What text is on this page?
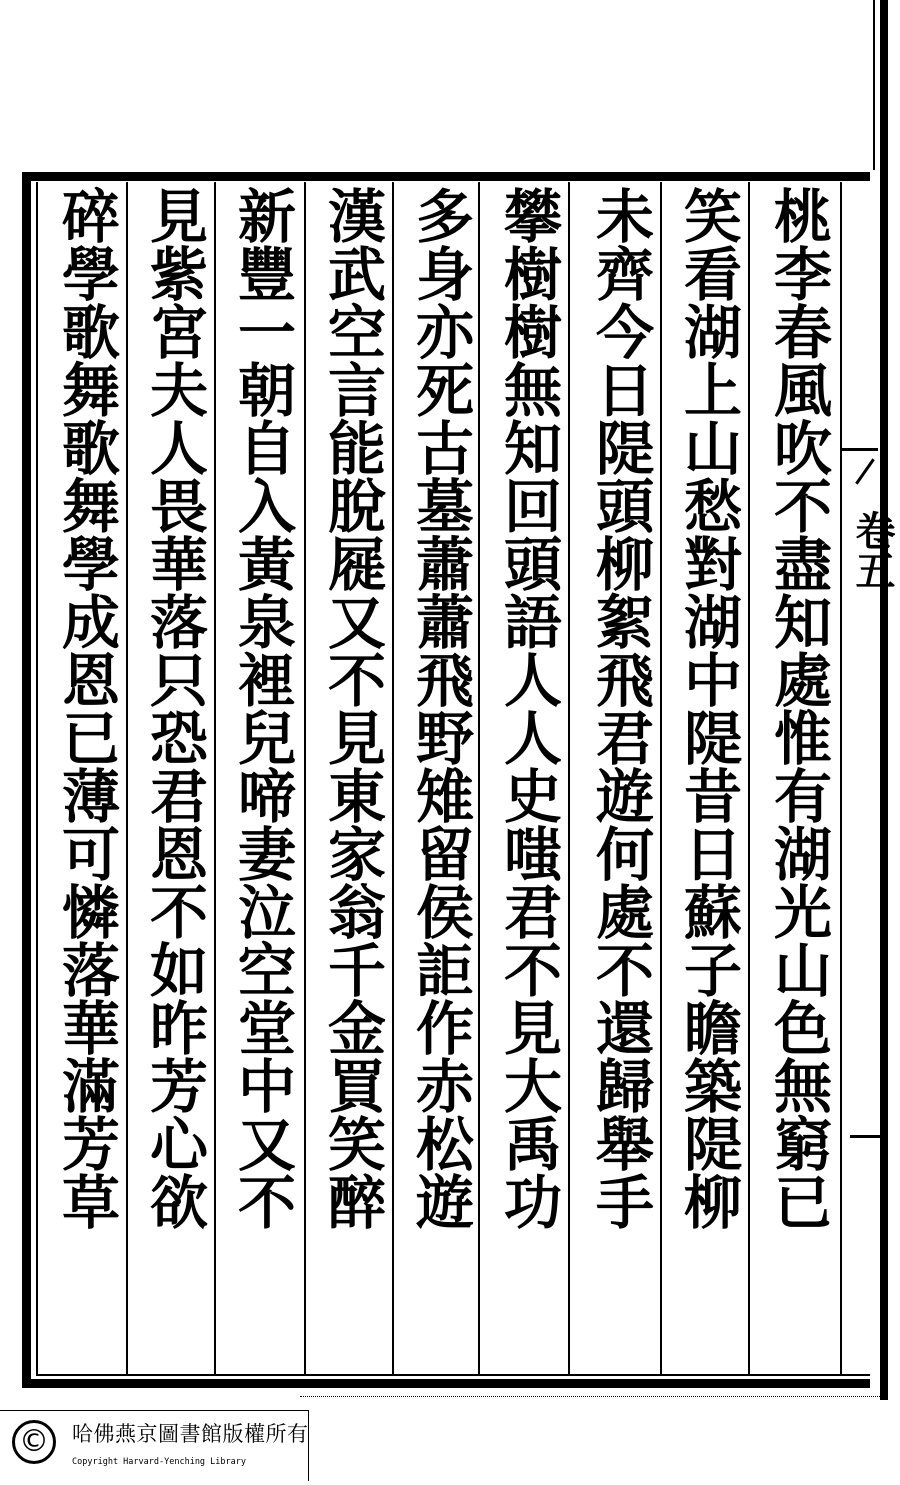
桃李春風吹不盡知處惟有湖光山色無窮已
笑看湖上山愁對湖中隄昔日蘇子瞻築隄柳
未齊今日隄頭柳絮飛君遊何處不還歸舉手
攀樹樹無知回頭語人人史嗤君不見大禹功
多身亦死古墓蕭蕭飛野雉留侯詎作赤松遊
漢武空言能脫屣又不見東家翁千金買笑醉
新豐一朝自入黃泉裡兒啼妻泣空堂中又不
見紫宮夫人畏華落只恐君恩不如昨芳心欲
碎學歌舞歌舞學成恩已薄可憐落華滿芳草	卷五
©	哈佛燕京圖書館版權所有
Copyright Harvard-Yenching Library
